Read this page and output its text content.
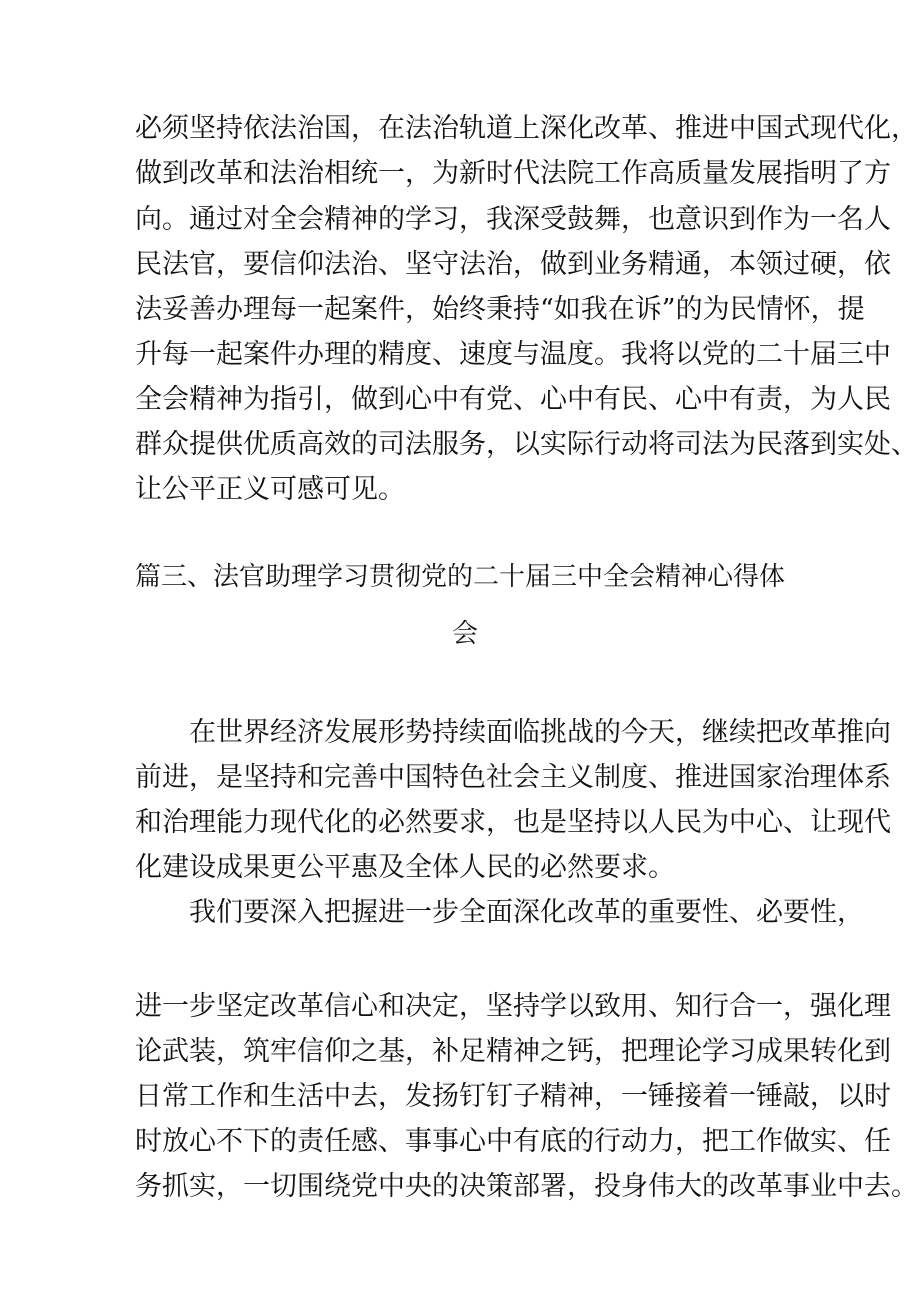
必须坚持依法治国，在法治轨道上深化改革、推进中国式现代化，
做到改革和法治相统一，为新时代法院工作高质量发展指明了方
向。通过对全会精神的学习，我深受鼓舞，也意识到作为一名人
民法官，要信仰法治、坚守法治，做到业务精通，本领过硬，依
法妥善办理每一起案件，始终秉持“如我在诉”的为民情怀，提
升每一起案件办理的精度、速度与温度。我将以党的二十届三中
全会精神为指引，做到心中有党、心中有民、心中有责，为人民
群众提供优质高效的司法服务，以实际行动将司法为民落到实处、
让公平正义可感可见。
篇三、法官助理学习贯彻党的二十届三中全会精神心得体
会
在世界经济发展形势持续面临挑战的今天，继续把改革推向
前进，是坚持和完善中国特色社会主义制度、推进国家治理体系
和治理能力现代化的必然要求，也是坚持以人民为中心、让现代
化建设成果更公平惠及全体人民的必然要求。
我们要深入把握进一步全面深化改革的重要性、必要性，
进一步坚定改革信心和决定，坚持学以致用、知行合一，强化理
论武装，筑牢信仰之基，补足精神之钙，把理论学习成果转化到
日常工作和生活中去，发扬钉钉子精神，一锤接着一锤敲，以时
时放心不下的责任感、事事心中有底的行动力，把工作做实、任
务抓实，一切围绕党中央的决策部署，投身伟大的改革事业中去。
